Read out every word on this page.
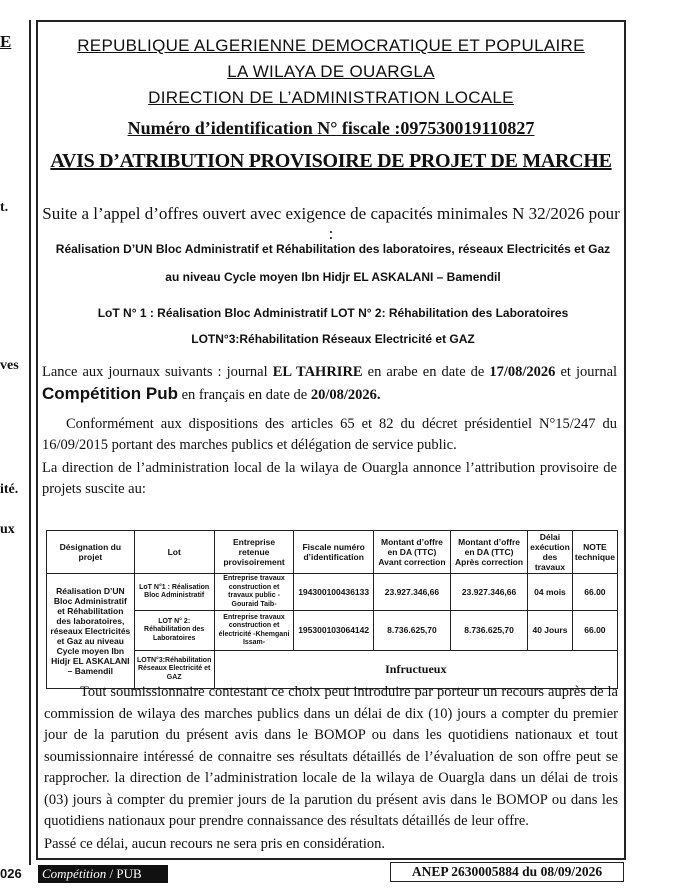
E
t.
ves
ité.
ux
REPUBLIQUE ALGERIENNE DEMOCRATIQUE ET POPULAIRE
LA WILAYA DE OUARGLA
DIRECTION DE L’ADMINISTRATION LOCALE
Numéro d’identification N° fiscale :097530019110827
AVIS D’ATRIBUTION PROVISOIRE DE PROJET DE MARCHE
Suite a l’appel d’offres ouvert avec exigence de capacités minimales N 32/2026 pour :
Réalisation D’UN Bloc Administratif et Réhabilitation des laboratoires, réseaux Electricités et Gaz
au niveau Cycle moyen Ibn Hidjr EL ASKALANI – Bamendil
LoT N° 1 : Réalisation Bloc Administratif LOT N° 2: Réhabilitation des Laboratoires
LOTN°3:Réhabilitation Réseaux Electricité et GAZ
Lance aux journaux suivants : journal EL TAHRIRE en arabe en date de 17/08/2026 et journal Compétition Pub en français en date de 20/08/2026.
Conformément aux dispositions des articles 65 et 82 du décret présidentiel N°15/247 du 16/09/2015 portant des marches publics et délégation de service public.
La direction de l’administration local de la wilaya de Ouargla annonce l’attribution provisoire de projets suscite au:
Désignation du projet	Lot	Entreprise retenue provisoirement	Fiscale numéro d’identification	Montant d’offre en DA (TTC) Avant correction	Montant d’offre en DA (TTC) Après correction	Délai exécution des travaux	NOTE technique
Réalisation D’UN Bloc Administratif et Réhabilitation des laboratoires, réseaux Electricités et Gaz au niveau Cycle moyen Ibn Hidjr EL ASKALANI – Bamendil	LoT N°1 : Réalisation Bloc Administratif	Entreprise travaux construction et travaux public -Gouraid Taib-	194300100436133	23.927.346,66	23.927.346,66	04 mois	66.00
	LOT N° 2: Réhabilitation des Laboratoires	Entreprise travaux construction et électricité -Khemgani Issam-	195300103064142	8.736.625,70	8.736.625,70	40 Jours	66.00
	LOTN°3:Réhabilitation Réseaux Electricité et GAZ	Infructueux					
Tout soumissionnaire contestant ce choix peut introduire par porteur un recours auprès de la commission de wilaya des marches publics dans un délai de dix (10) jours a compter du premier jour de la parution du présent avis dans le BOMOP ou dans les quotidiens nationaux et tout soumissionnaire intéressé de connaitre ses résultats détaillés de l’évaluation de son offre peut se rapprocher. la direction de l’administration locale de la wilaya de Ouargla dans un délai de trois (03) jours à compter du premier jours de la parution du présent avis dans le BOMOP ou dans les quotidiens nationaux pour prendre connaissance des résultats détaillés de leur offre.
Passé ce délai, aucun recours ne sera pris en considération.
026	Compétition / PUB	ANEP 2630005884 du 08/09/2026
